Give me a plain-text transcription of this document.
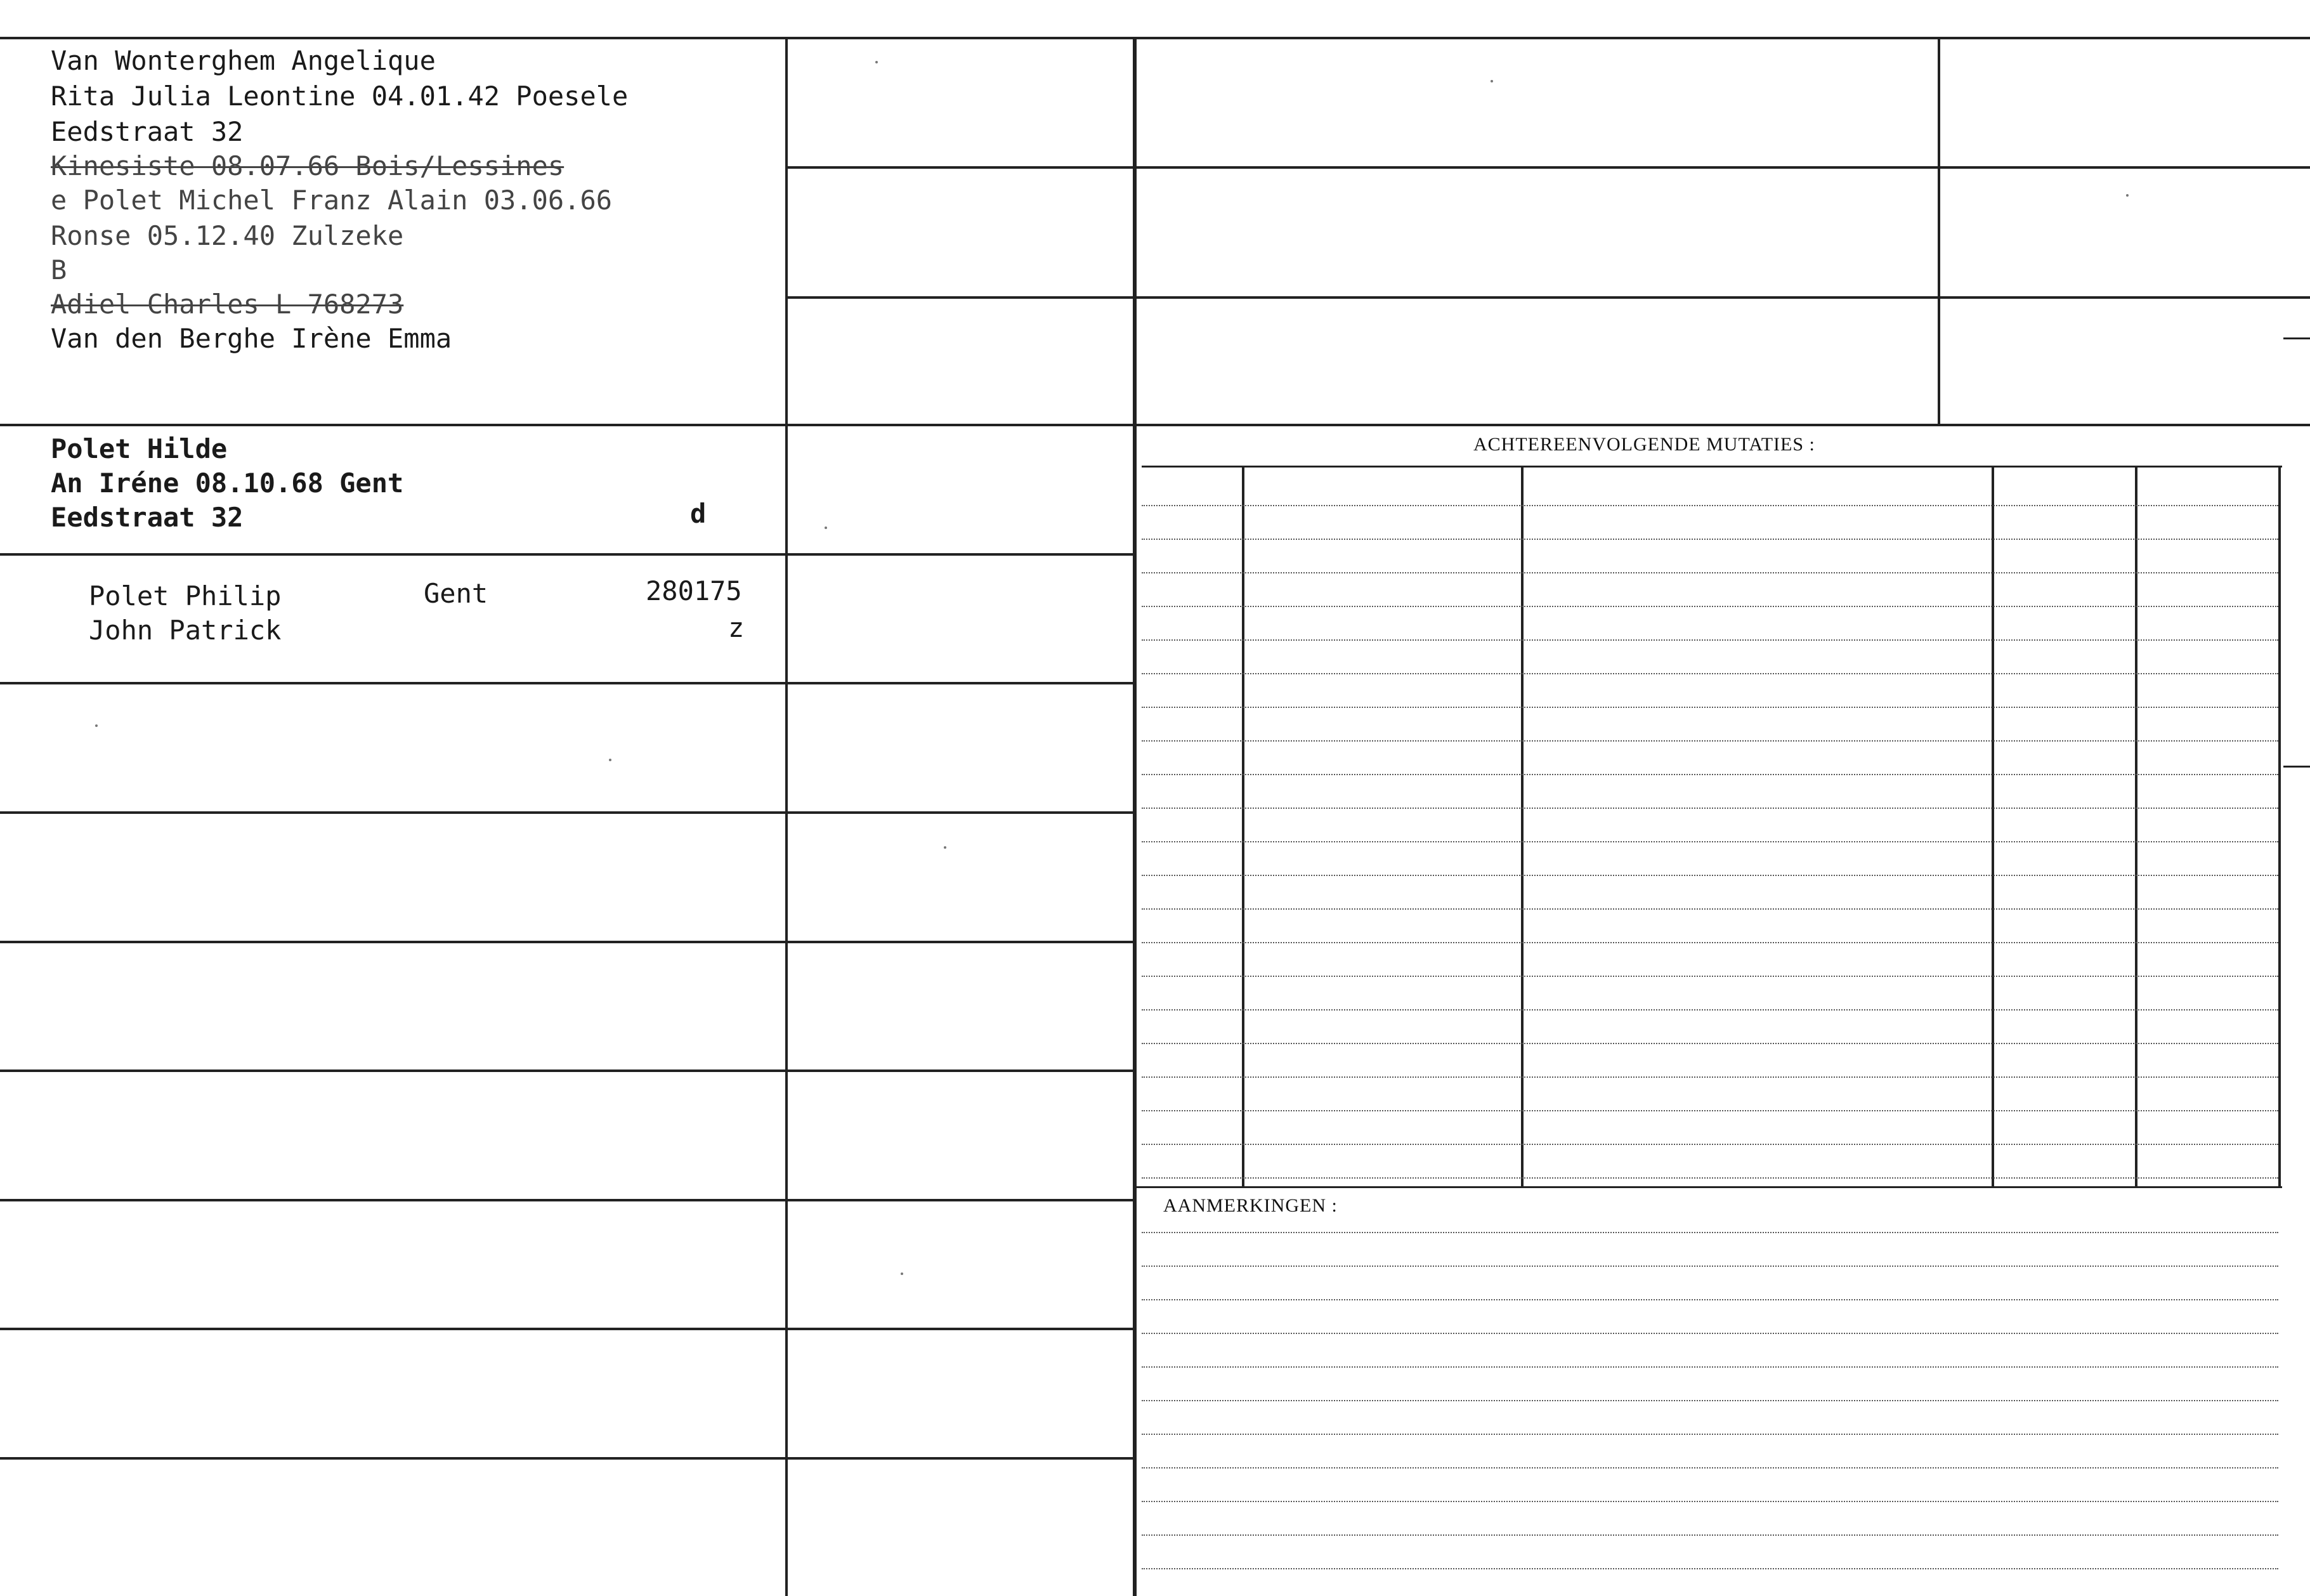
ACHTEREENVOLGENDE MUTATIES :
AANMERKINGEN :
Van Wonterghem Angelique
Rita Julia Leontine 04.01.42 Poesele
Eedstraat 32
Kinesiste 08.07.66 Bois/Lessines
e Polet Michel Franz Alain 03.06.66
Ronse 05.12.40 Zulzeke
B
Adiel Charles L 768273
Van den Berghe Irène Emma
Polet Hilde
An Iréne 08.10.68 Gent
Eedstraat 32	d
Polet Philip
John Patrick
Gent	280175
z
